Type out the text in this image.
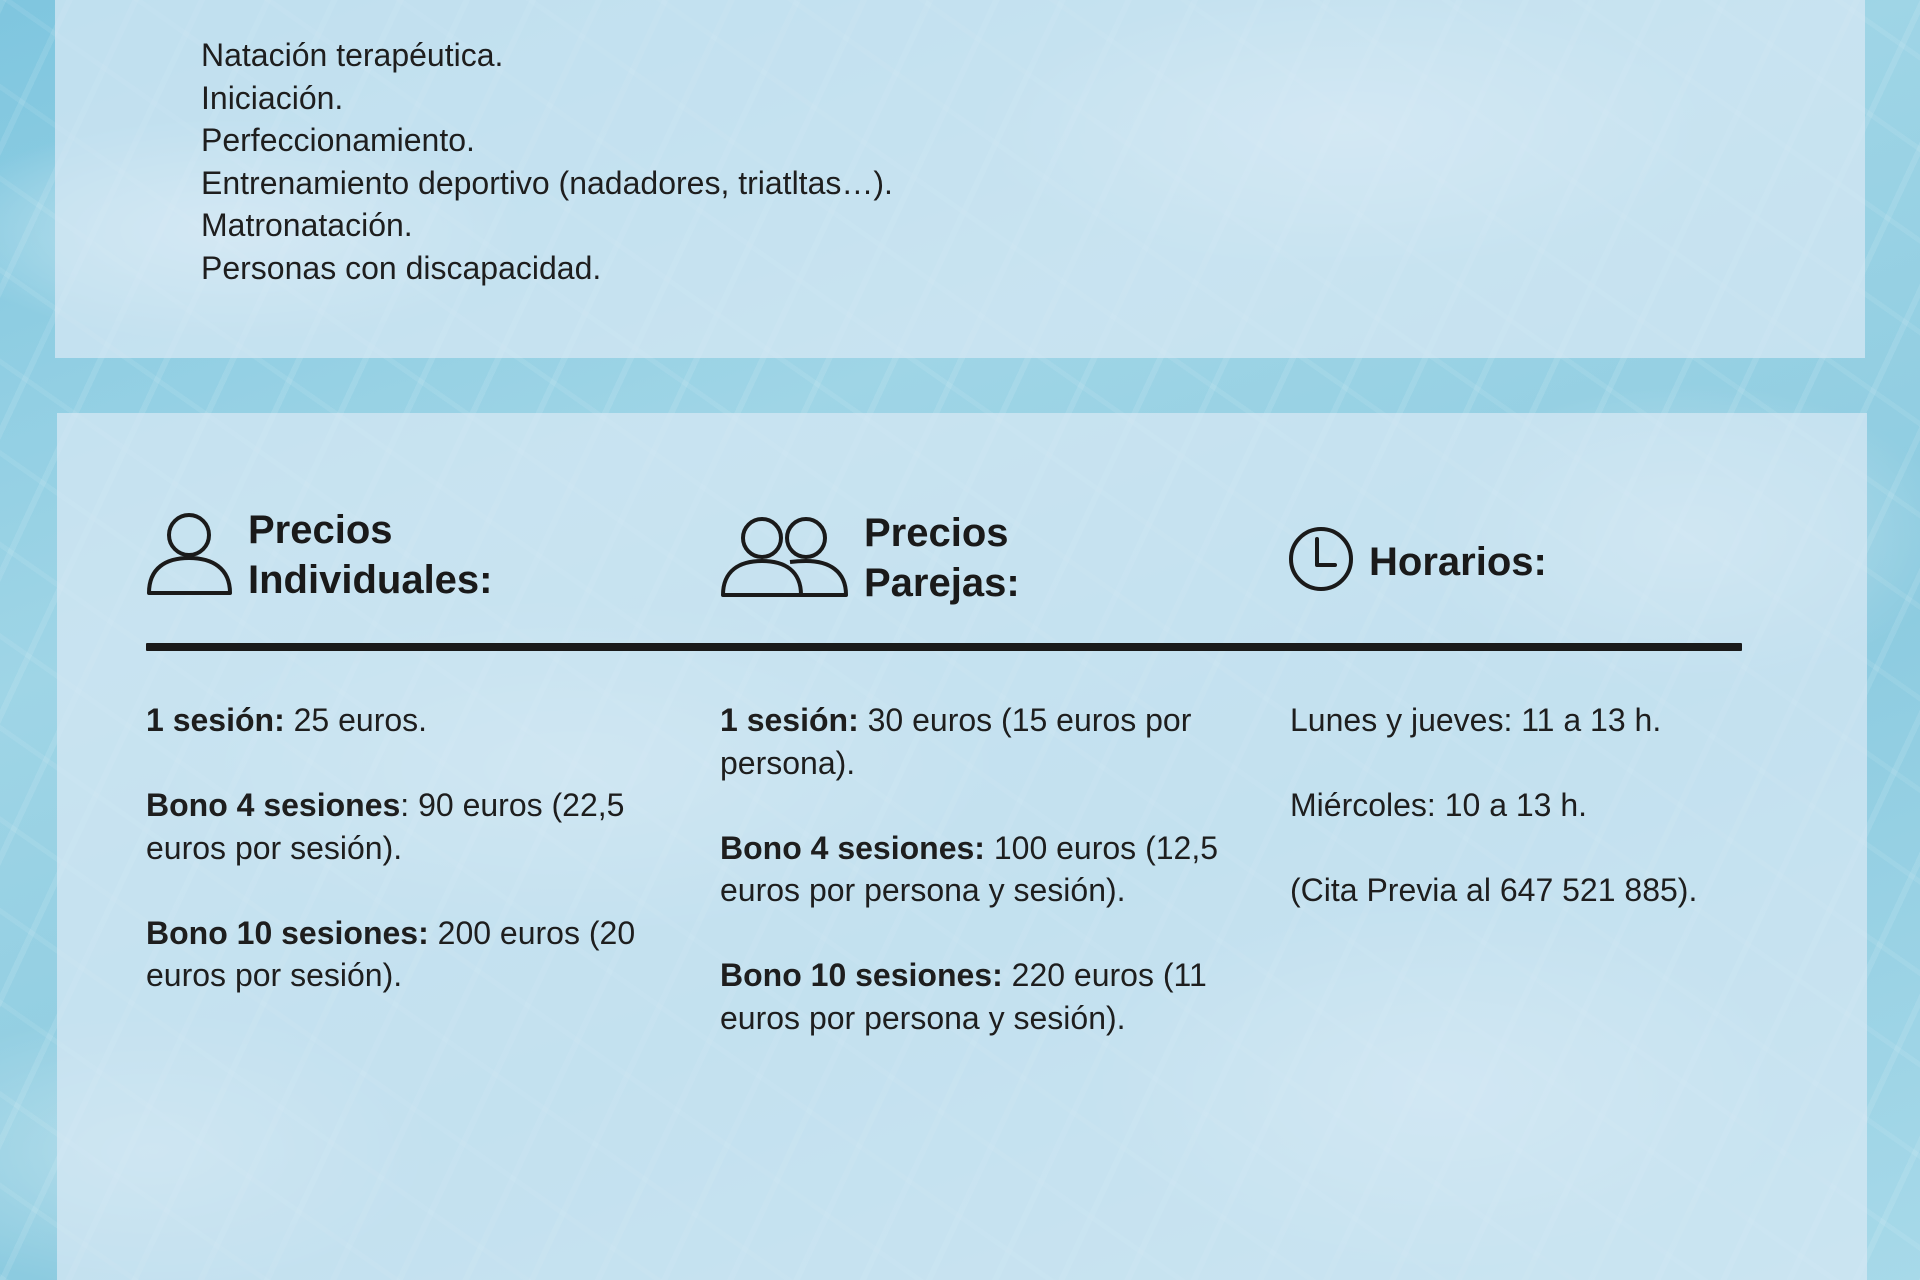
Natación terapéutica.
Iniciación.
Perfeccionamiento.
Entrenamiento deportivo (nadadores, triatltas…).
Matronatación.
Personas con discapacidad.
Precios
Individuales:
Precios
Parejas:	Horarios:

1 sesión: 25 euros.

Bono 4 sesiones: 90 euros (22,5 euros por sesión).

Bono 10 sesiones: 200 euros (20 euros por sesión).

1 sesión: 30 euros (15 euros por persona).

Bono 4 sesiones: 100 euros (12,5 euros por persona y sesión).

Bono 10 sesiones: 220 euros (11 euros por persona y sesión).

Lunes y jueves: 11 a 13 h.

Miércoles: 10 a 13 h.

(Cita Previa al 647 521 885).
